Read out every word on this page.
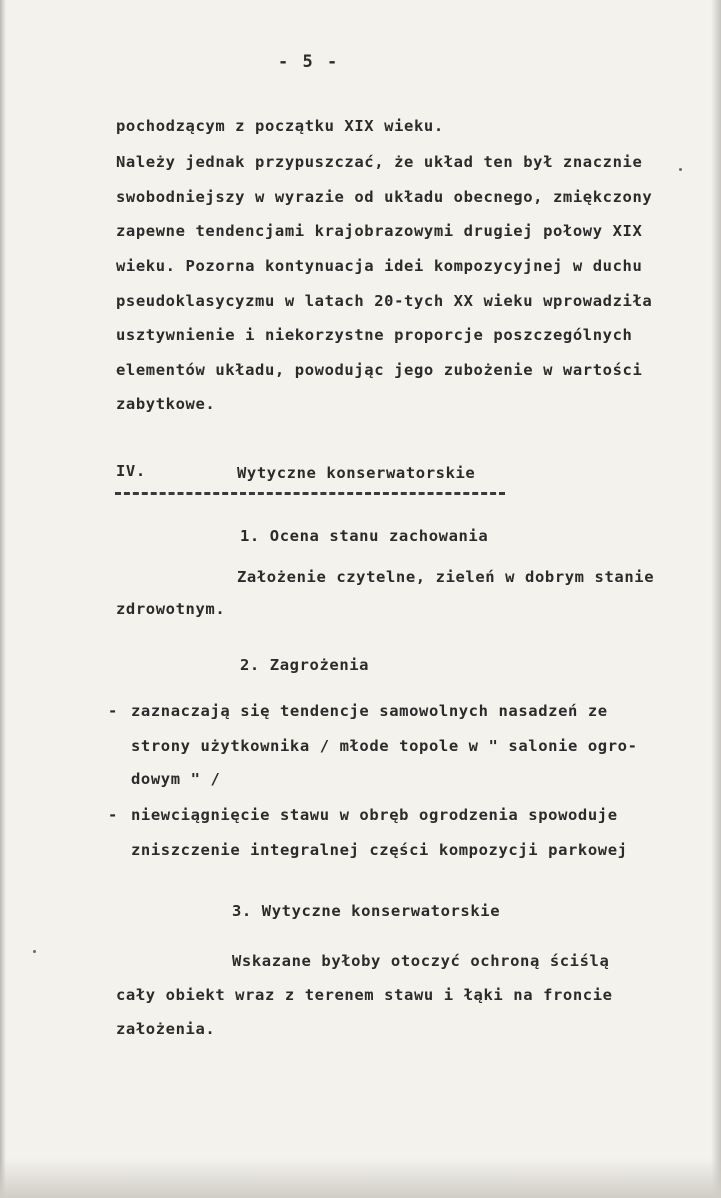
- 5 -
pochodzącym z początku XIX wieku.
Należy jednak przypuszczać, że układ ten był znacznie
swobodniejszy w wyrazie od układu obecnego, zmiękczony
zapewne tendencjami krajobrazowymi drugiej połowy XIX
wieku. Pozorna kontynuacja idei kompozycyjnej w duchu
pseudoklasycyzmu w latach 20-tych XX wieku wprowadziła
usztywnienie i niekorzystne proporcje poszczególnych
elementów układu, powodując jego zubożenie w wartości
zabytkowe.
IV.	Wytyczne konserwatorskie
1. Ocena stanu zachowania
Założenie czytelne, zieleń w dobrym stanie
zdrowotnym.
2. Zagrożenia
- zaznaczają się tendencje samowolnych nasadzeń ze
strony użytkownika / młode topole w " salonie ogro-
dowym " /
- niewciągnięcie stawu w obręb ogrodzenia spowoduje
zniszczenie integralnej części kompozycji parkowej
3. Wytyczne konserwatorskie
Wskazane byłoby otoczyć ochroną ściślą
cały obiekt wraz z terenem stawu i łąki na froncie
założenia.
